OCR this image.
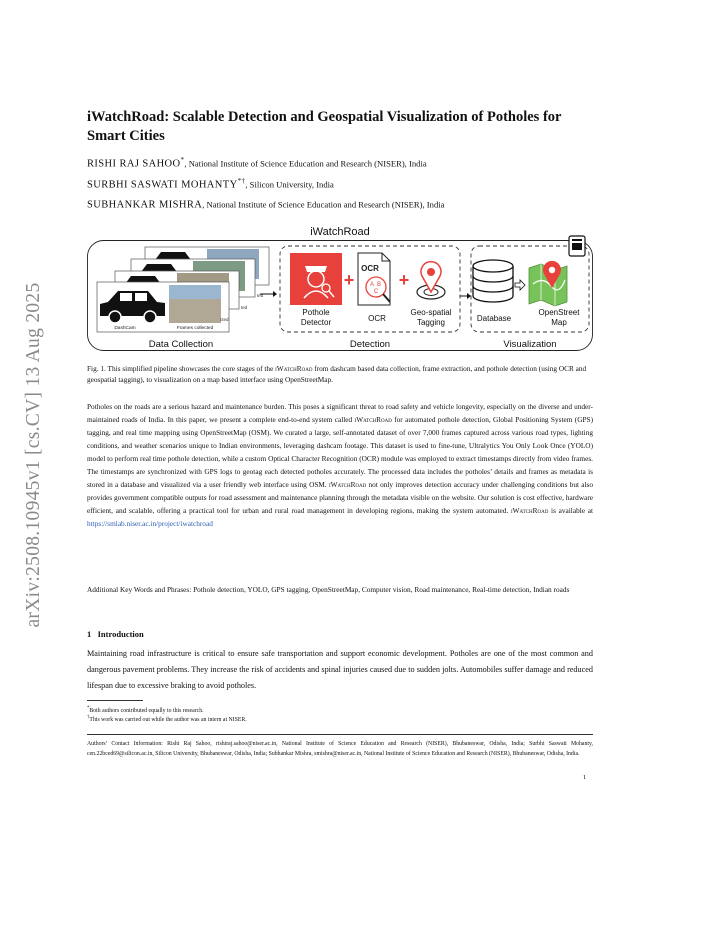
arXiv:2508.10945v1 [cs.CV] 13 Aug 2025
iWatchRoad: Scalable Detection and Geospatial Visualization of Potholes for Smart Cities
RISHI RAJ SAHOO*, National Institute of Science Education and Research (NISER), India
SURBHI SASWATI MOHANTY*†, Silicon University, India
SUBHANKAR MISHRA, National Institute of Science Education and Research (NISER), India
iWatchRoad
ted
ted
cted
DashCam	Frames collected
Data Collection
Pothole
Detector
+
OCR
A B
C
OCR
+
Geo-spatial
Tagging
Detection
Database
OpenStreet
Map
Visualization
Fig. 1. This simplified pipeline showcases the core stages of the iWatchRoad from dashcam based data collection, frame extraction, and pothole detection (using OCR and geospatial tagging), to visualization on a map based interface using OpenStreetMap.
Potholes on the roads are a serious hazard and maintenance burden. This poses a significant threat to road safety and vehicle longevity, especially on the diverse and under-maintained roads of India. In this paper, we present a complete end-to-end system called iWatchRoad for automated pothole detection, Global Positioning System (GPS) tagging, and real time mapping using OpenStreetMap (OSM). We curated a large, self-annotated dataset of over 7,000 frames captured across various road types, lighting conditions, and weather scenarios unique to Indian environments, leveraging dashcam footage. This dataset is used to fine-tune, Ultralytics You Only Look Once (YOLO) model to perform real time pothole detection, while a custom Optical Character Recognition (OCR) module was employed to extract timestamps directly from video frames. The timestamps are synchronized with GPS logs to geotag each detected potholes accurately. The processed data includes the potholes’ details and frames as metadata is stored in a database and visualized via a user friendly web interface using OSM. iWatchRoad not only improves detection accuracy under challenging conditions but also provides government compatible outputs for road assessment and maintenance planning through the metadata visible on the website. Our solution is cost effective, hardware efficient, and scalable, offering a practical tool for urban and rural road management in developing regions, making the system automated. iWatchRoad is available at https://smlab.niser.ac.in/project/iwatchroad
Additional Key Words and Phrases: Pothole detection, YOLO, GPS tagging, OpenStreetMap, Computer vision, Road maintenance, Real-time detection, Indian roads
1 Introduction
Maintaining road infrastructure is critical to ensure safe transportation and support economic development. Potholes are one of the most common and dangerous pavement problems. They increase the risk of accidents and spinal injuries caused due to sudden jolts. Automobiles suffer damage and reduced lifespan due to excessive braking to avoid potholes.
*Both authors contributed equally to this research.
†This work was carried out while the author was an intern at NISER.
Authors’ Contact Information: Rishi Raj Sahoo, rishiraj.sahoo@niser.ac.in, National Institute of Science Education and Research (NISER), Bhubaneswar, Odisha, India; Surbhi Saswati Mohanty, cen.22bced69@silicon.ac.in, Silicon University, Bhubaneswar, Odisha, India; Subhankar Mishra, smishra@niser.ac.in, National Institute of Science Education and Research (NISER), Bhubaneswar, Odisha, India.
1
